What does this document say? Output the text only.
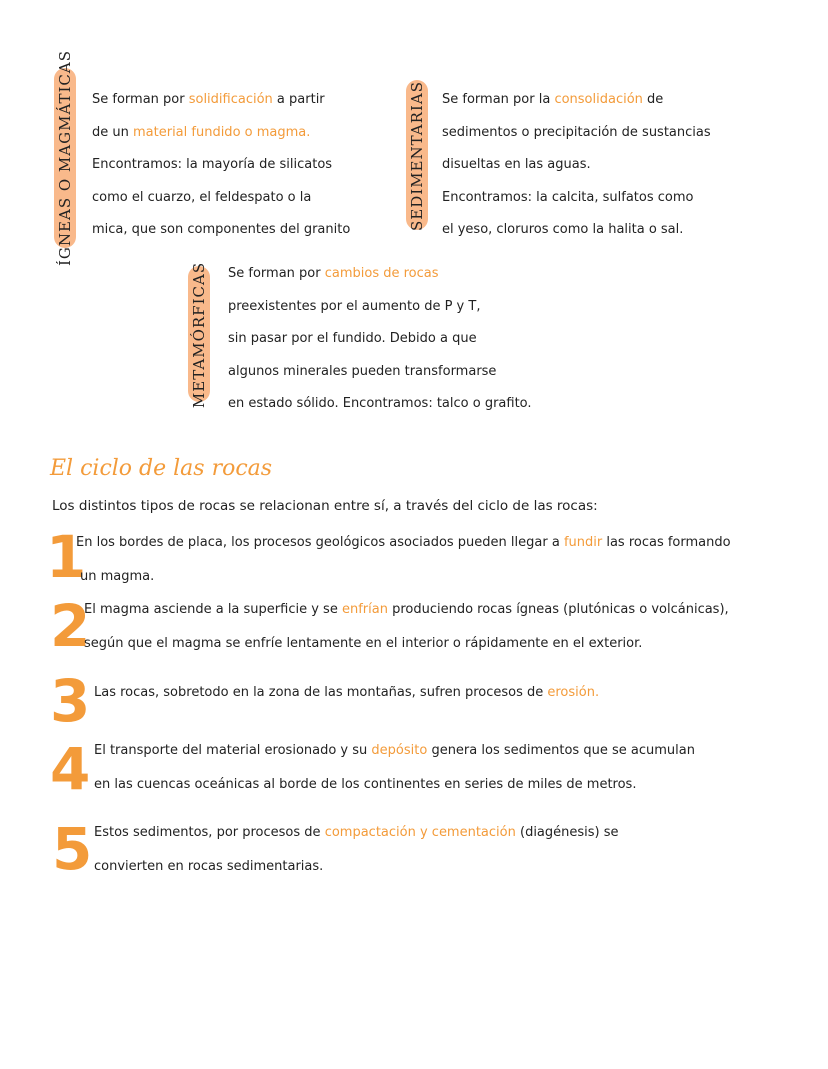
ÍGNEAS O MAGMÁTICAS Se forman por solidificación a partir
de un material fundido o magma.
Encontramos: la mayoría de silicatos
como el cuarzo, el feldespato o la
mica, que son componentes del granito	SEDIMENTARIAS Se forman por la consolidación de
sedimentos o precipitación de sustancias
disueltas en las aguas.
Encontramos: la calcita, sulfatos como
el yeso, cloruros como la halita o sal.
METAMÓRFICAS Se forman por cambios de rocas
preexistentes por el aumento de P y T,
sin pasar por el fundido. Debido a que
algunos minerales pueden transformarse
en estado sólido. Encontramos: talco o grafito.
El ciclo de las rocas
Los distintos tipos de rocas se relacionan entre sí, a través del ciclo de las rocas:
1
En los bordes de placa, los procesos geológicos asociados pueden llegar a fundir las rocas formando
un magma.
2
El magma asciende a la superficie y se enfrían produciendo rocas ígneas (plutónicas o volcánicas),
según que el magma se enfríe lentamente en el interior o rápidamente en el exterior.
3 Las rocas, sobretodo en la zona de las montañas, sufren procesos de erosión.
4 El transporte del material erosionado y su depósito genera los sedimentos que se acumulan
en las cuencas oceánicas al borde de los continentes en series de miles de metros.
5 Estos sedimentos, por procesos de compactación y cementación (diagénesis) se
convierten en rocas sedimentarias.
